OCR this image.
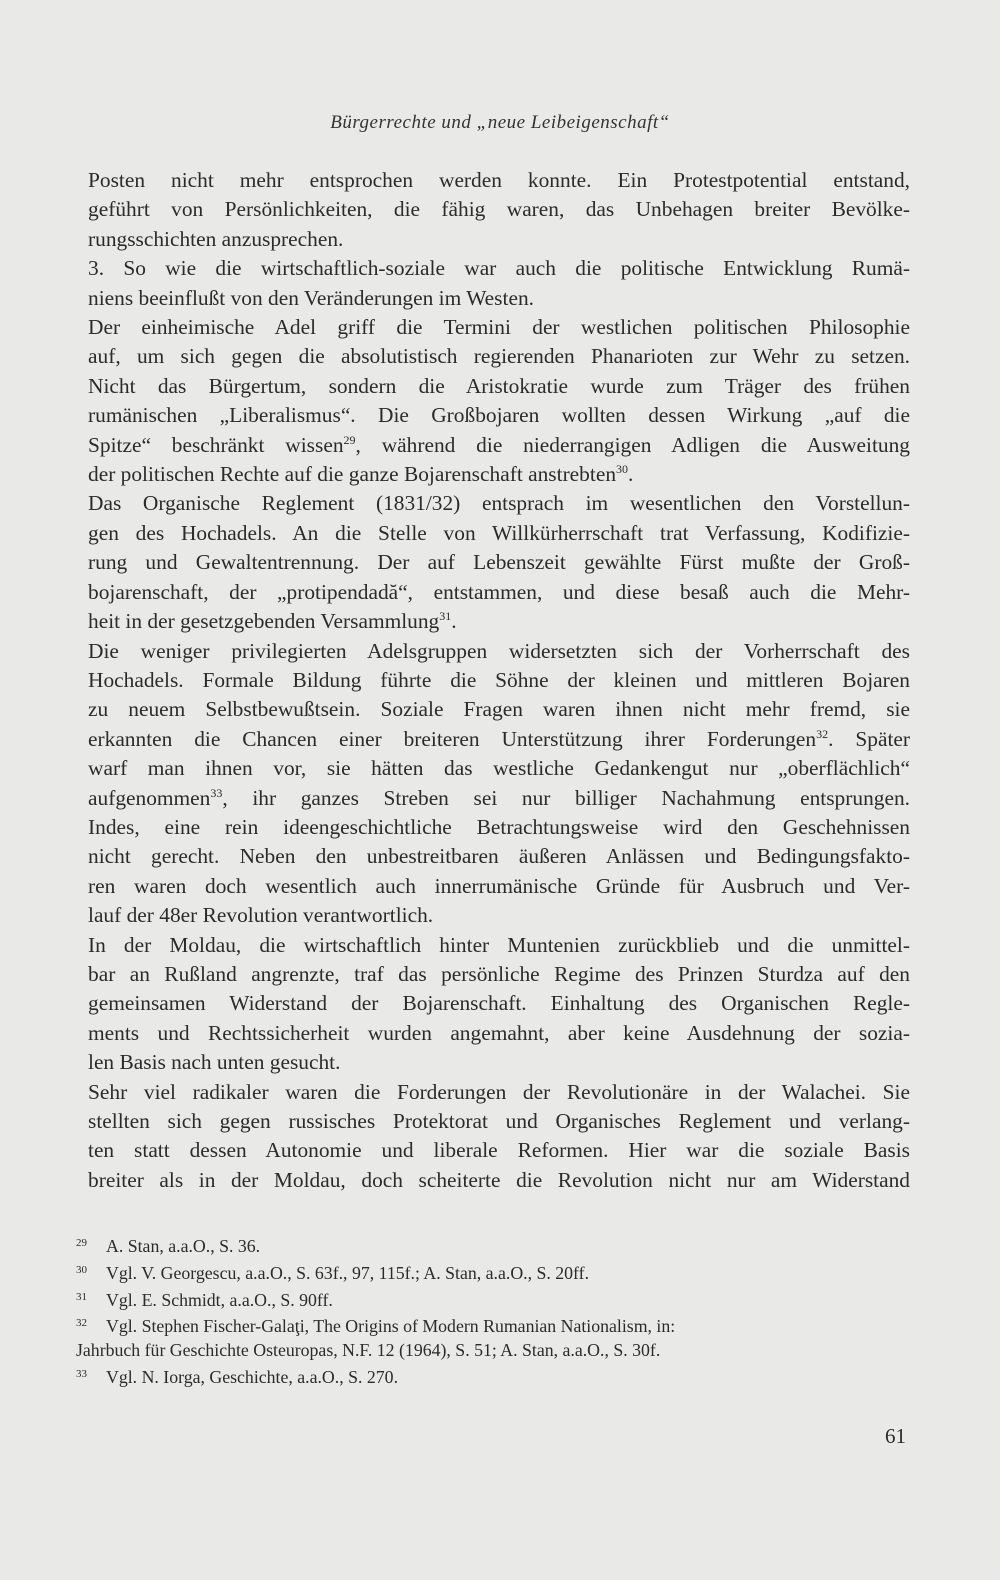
Bürgerrechte und „neue Leibeigenschaft“
Posten nicht mehr entsprochen werden konnte. Ein Protestpotential entstand,
geführt von Persönlichkeiten, die fähig waren, das Unbehagen breiter Bevölke-
rungsschichten anzusprechen.
3. So wie die wirtschaftlich-soziale war auch die politische Entwicklung Rumä-
niens beeinflußt von den Veränderungen im Westen.
Der einheimische Adel griff die Termini der westlichen politischen Philosophie
auf, um sich gegen die absolutistisch regierenden Phanarioten zur Wehr zu setzen.
Nicht das Bürgertum, sondern die Aristokratie wurde zum Träger des frühen
rumänischen „Liberalismus“. Die Großbojaren wollten dessen Wirkung „auf die
Spitze“ beschränkt wissen$^{29}$, während die niederrangigen Adligen die Ausweitung
der politischen Rechte auf die ganze Bojarenschaft anstrebten$^{30}$.
Das Organische Reglement (1831/32) entsprach im wesentlichen den Vorstellun-
gen des Hochadels. An die Stelle von Willkürherrschaft trat Verfassung, Kodifizie-
rung und Gewaltentrennung. Der auf Lebenszeit gewählte Fürst mußte der Groß-
bojarenschaft, der „protipendadă“, entstammen, und diese besaß auch die Mehr-
heit in der gesetzgebenden Versammlung$^{31}$.
Die weniger privilegierten Adelsgruppen widersetzten sich der Vorherrschaft des
Hochadels. Formale Bildung führte die Söhne der kleinen und mittleren Bojaren
zu neuem Selbstbewußtsein. Soziale Fragen waren ihnen nicht mehr fremd, sie
erkannten die Chancen einer breiteren Unterstützung ihrer Forderungen$^{32}$. Später
warf man ihnen vor, sie hätten das westliche Gedankengut nur „oberflächlich“
aufgenommen$^{33}$, ihr ganzes Streben sei nur billiger Nachahmung entsprungen.
Indes, eine rein ideengeschichtliche Betrachtungsweise wird den Geschehnissen
nicht gerecht. Neben den unbestreitbaren äußeren Anlässen und Bedingungsfakto-
ren waren doch wesentlich auch innerrumänische Gründe für Ausbruch und Ver-
lauf der 48er Revolution verantwortlich.
In der Moldau, die wirtschaftlich hinter Muntenien zurückblieb und die unmittel-
bar an Rußland angrenzte, traf das persönliche Regime des Prinzen Sturdza auf den
gemeinsamen Widerstand der Bojarenschaft. Einhaltung des Organischen Regle-
ments und Rechtssicherheit wurden angemahnt, aber keine Ausdehnung der sozia-
len Basis nach unten gesucht.
Sehr viel radikaler waren die Forderungen der Revolutionäre in der Walachei. Sie
stellten sich gegen russisches Protektorat und Organisches Reglement und verlang-
ten statt dessen Autonomie und liberale Reformen. Hier war die soziale Basis
breiter als in der Moldau, doch scheiterte die Revolution nicht nur am Widerstand
29 A. Stan, a.a.O., S. 36.
30 Vgl. V. Georgescu, a.a.O., S. 63f., 97, 115f.; A. Stan, a.a.O., S. 20ff.
31 Vgl. E. Schmidt, a.a.O., S. 90ff.
32 Vgl. Stephen Fischer-Galaţi, The Origins of Modern Rumanian Nationalism, in:
Jahrbuch für Geschichte Osteuropas, N.F. 12 (1964), S. 51; A. Stan, a.a.O., S. 30f.
33 Vgl. N. Iorga, Geschichte, a.a.O., S. 270.
61
